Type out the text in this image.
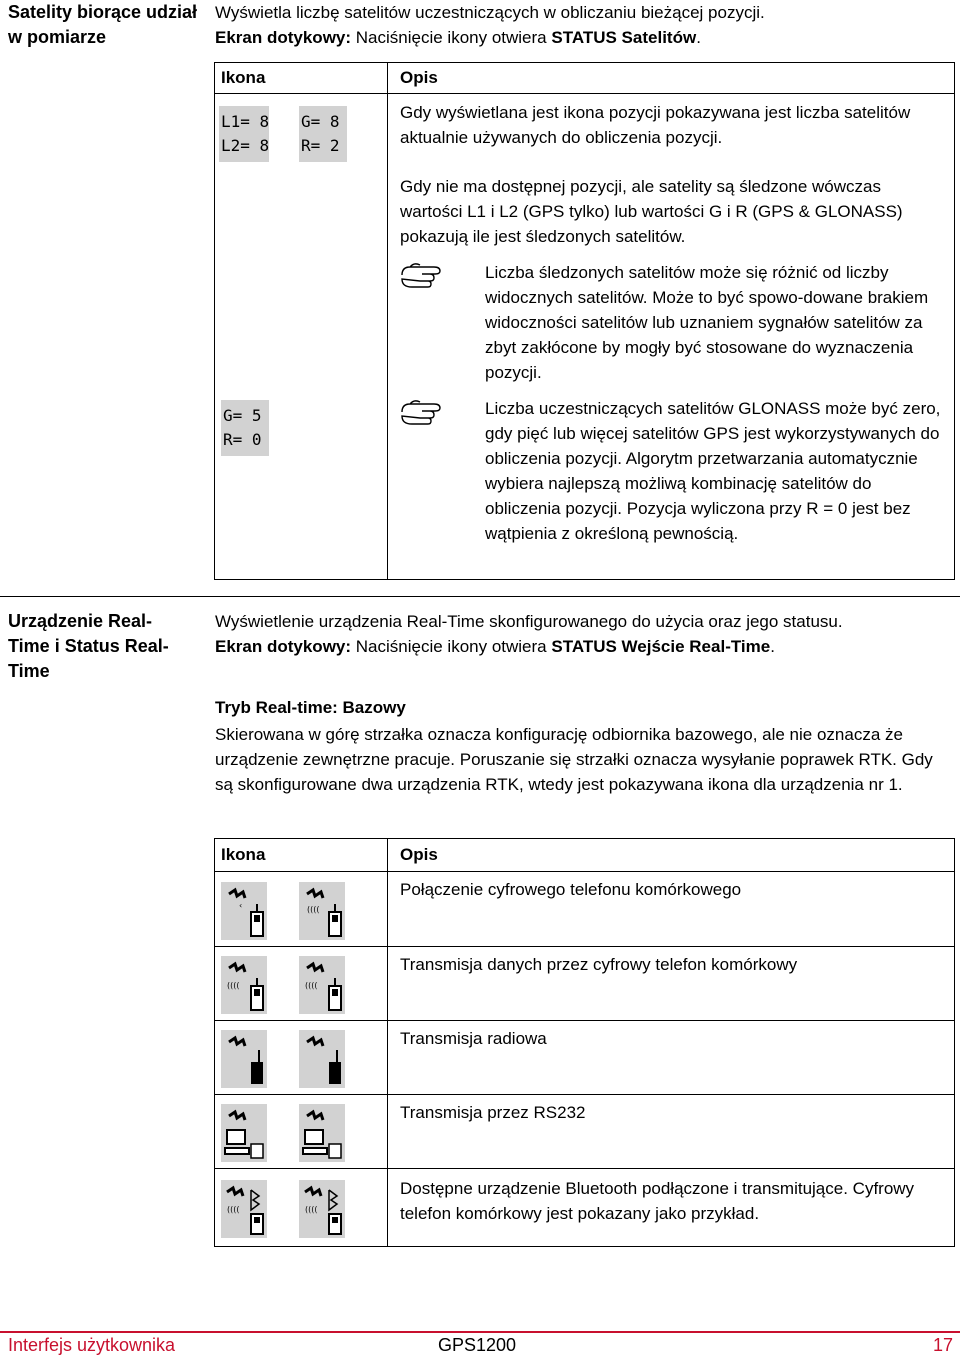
Satelity biorące udział w pomiarze
Wyświetla liczbę satelitów uczestniczących w obliczaniu bieżącej pozycji.
Ekran dotykowy: Naciśnięcie ikony otwiera STATUS Satelitów.
Ikona	Opis
L1= 8
L2= 8
G= 8
R= 2
G= 5
R= 0
Gdy wyświetlana jest ikona pozycji pokazywana jest liczba satelitów aktualnie używanych do obliczenia pozycji.
Gdy nie ma dostępnej pozycji, ale satelity są śledzone wówczas wartości L1 i L2 (GPS tylko) lub wartości G i R (GPS & GLONASS) pokazują ile jest śledzonych satelitów.
Liczba śledzonych satelitów może się różnić od liczby widocznych satelitów. Może to być spowo-dowane brakiem widoczności satelitów lub uznaniem sygnałów satelitów za zbyt zakłócone by mogły być stosowane do wyznaczenia pozycji.
Liczba uczestniczących satelitów GLONASS może być zero, gdy pięć lub więcej satelitów GPS jest wykorzystywanych do obliczenia pozycji. Algorytm przetwarzania automatycznie wybiera najlepszą możliwą kombinację satelitów do obliczenia pozycji. Pozycja wyliczona przy R = 0 jest bez wątpienia z określoną pewnością.
Urządzenie Real-Time i Status Real-Time
Wyświetlenie urządzenia Real-Time skonfigurowanego do użycia oraz jego statusu.
Ekran dotykowy: Naciśnięcie ikony otwiera STATUS Wejście Real-Time.
Tryb Real-time: Bazowy
Skierowana w górę strzałka oznacza konfigurację odbiornika bazowego, ale nie oznacza że urządzenie zewnętrzne pracuje. Poruszanie się strzałki oznacza wysyłanie poprawek RTK. Gdy są skonfigurowane dwa urządzenia RTK, wtedy jest pokazywana ikona dla urządzenia nr 1.
Ikona	Opis
‹	((((
Połączenie cyfrowego telefonu komórkowego
((((	((((
Transmisja danych przez cyfrowy telefon komórkowy
Transmisja radiowa
Transmisja przez RS232
((((	((((
Dostępne urządzenie Bluetooth podłączone i transmitujące. Cyfrowy telefon komórkowy jest pokazany jako przykład.
Interfejs użytkownika	GPS1200	17
